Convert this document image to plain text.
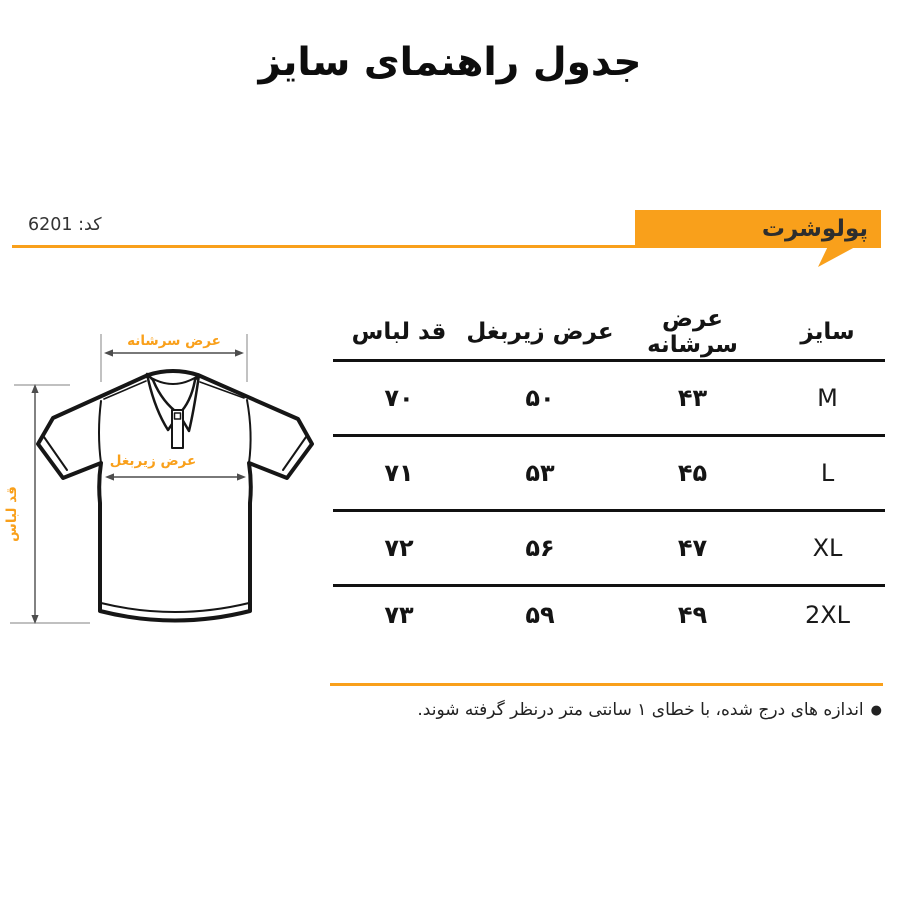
جدول راهنمای سایز
کد: 6201	پولوشرت
عرض سرشانه
قد لباس
عرض زیربغل
سایز
عرض سرشانه
عرض زیربغل
قد لباس
M
۴۳
۵۰
۷۰
L
۴۵
۵۳
۷۱
XL
۴۷
۵۶
۷۲
2XL
۴۹
۵۹
۷۳
●اندازه های درج شده، با خطای ۱ سانتی متر درنظر گرفته شوند.
